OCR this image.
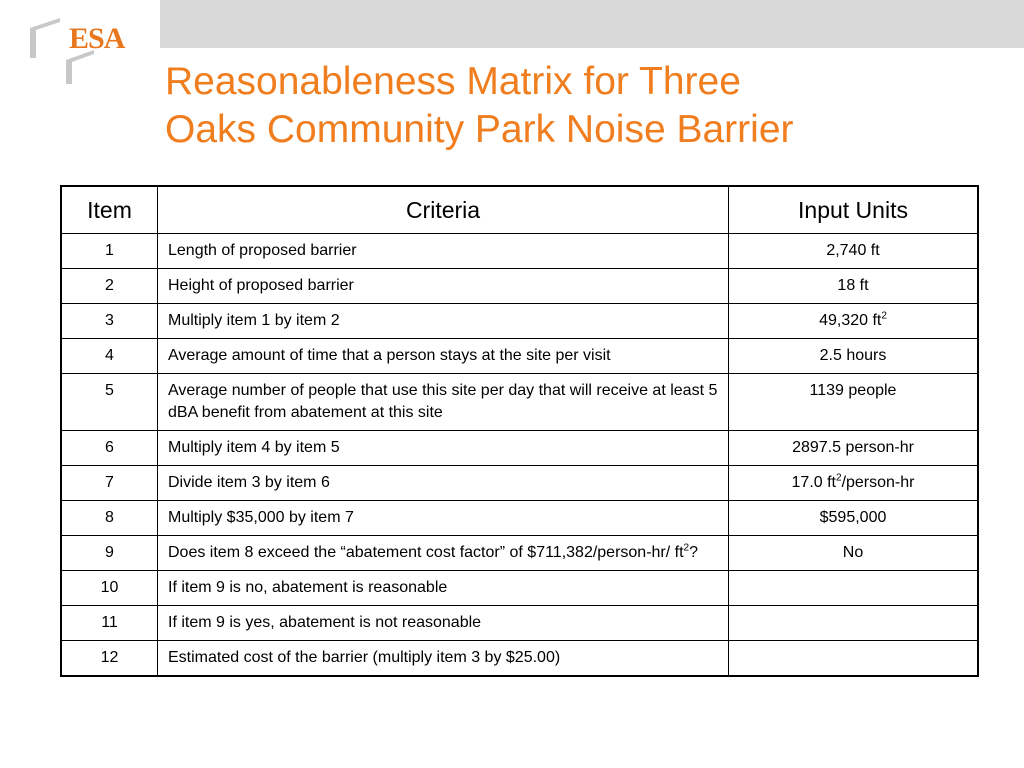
ESA
Reasonableness Matrix for Three
Oaks Community Park Noise Barrier
Item	Criteria	Input Units
1	Length of proposed barrier	2,740 ft
2	Height of proposed barrier	18 ft
3	Multiply item 1 by item 2	49,320 $ft^2$
4	Average amount of time that a person stays at the site per visit	2.5 hours
5	Average number of people that use this site per day that will receive at least 5 dBA benefit from abatement at this site	1139 people
6	Multiply item 4 by item 5	2897.5 person-hr
7	Divide item 3 by item 6	17.0 $ft^2/person-hr$
8	Multiply $35,000 by item 7	$595,000
9	Does item 8 exceed the “abatement cost factor” of $711,382/person-hr/ $ft^2$?	No
10	If item 9 is no, abatement is reasonable	
11	If item 9 is yes, abatement is not reasonable	
12	Estimated cost of the barrier (multiply item 3 by $25.00)	
